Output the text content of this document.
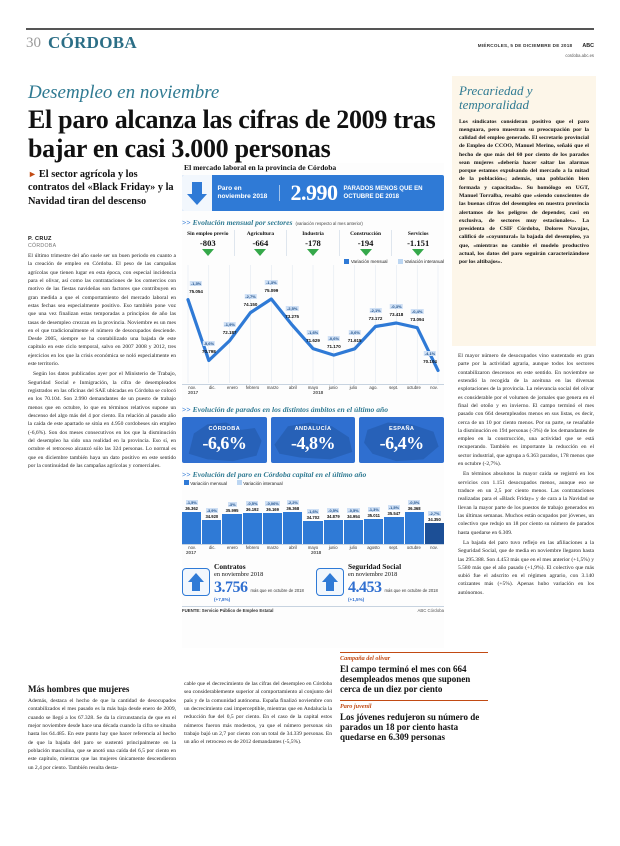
30 CÓRDOBA	MIÉRCOLES, 5 DE DICIEMBRE DE 2018 ABC
cordoba.abc.es
Desempleo en noviembre
El paro alcanza las cifras de 2009 tras bajar en casi 3.000 personas
► El sector agrícola y los contratos del «Black Friday» y la Navidad tiran del descenso
P. CRUZ
CÓRDOBA

El último trimestre del año suele ser un buen periodo en cuanto a la creación de empleo en Córdoba. El peso de las campañas agrícolas que tienen lugar en esta época, con especial incidencia para el olivar, así como las contrataciones de los comercios con motivo de las fiestas navideñas son factores que contribuyen en gran medida a que el comportamiento del mercado laboral en estas fechas sea especialmente positivo. Eso también pone voz que una vez finalizan estas temporadas a principios de año las tasas de desempleo crezcan en la provincia. Noviembre es un mes en el que tradicionalmente el número de desocupados desciende. Desde 2005, siempre se ha contabilizado una bajada de este capítulo en este ciclo temporal, salvo en 2007 2008 y 2012, tres ejercicios en los que la crisis económica se noló especialmente en este territorio.

Según los datos publicados ayer por el Ministerio de Trabajo, Seguridad Social e Inmigración, la cifra de desempleados registrados en las oficinas del SAE ubicadas en Córdoba se colocó en los 70.104. Son 2.990 demandantes de un puesto de trabajo menos que en octubre, lo que en términos relativos supone un descenso del algo más del 4 por ciento. En relación al pasado año la caída de este apartado se sitúa en 4.950 cordobeses sin empleo (-6,6%). Son dos meses consecutivos en los que la disminución del desempleo ha sido una realidad en la provincia. Eso sí, en octubre el retroceso alcanzó sólo las 324 personas. Lo normal es que en diciembre también haya un dato positivo en este sentido por la continuidad de las campañas agrícolas y comerciales.

Más hombres que mujeres

Además, destaca el hecho de que la cantidad de desocupados contabilizados el mes pasado es la más baja desde enero de 2009, cuando se llegó a los 67.328. Se da la circunstancia de que en el mejor noviembre desde hace una década cuando la cifra se situaba hasta los 64.485. En este punto hay que hacer referencia al hecho de que la bajada del paro se sustentó principalmente en la población masculina, que se anotó una caída del 6,5 por ciento en este capítulo, mientras que las mujeres únicamente descendieron un 2,4 por ciento. También resulta desta-

cable que el decrecimiento de las cifras del desempleo en Córdoba sea considerablemente superior al comportamiento al conjunto del país y de la comunidad autónoma. España finalizó noviembre con un decrecimiento casi imperceptible, mientras que en Andalucía la reducción fue del 0,5 por ciento. En el caso de la capital estos números fueron más modestos, ya que el número personas sin trabajo bajó un 2,7 por ciento con un total de 34.339 personas. En un año el retroceso es de 2012 demandantes (-5,5%).

El mayor número de desocupados vino sustentado en gran parte por la actividad agraria, aunque todos los sectores contabilizaron descensos en este sentido. En noviembre se extendió la recogida de la aceituna en las diversas explotaciones de la provincia. La relevancia social del olivar es considerable por el volumen de jornales que genera en el final del otoño y en invierno. El campo terminó el mes pasado con 664 desempleados menos en sus listas, es decir, cerca de un 10 por ciento menos. Por su parte, se resañable la disminución en 194 personas (-3%) de los demandantes de empleo en la construcción, una actividad que se está recuperando. También es importante la reducción en el sector industrial, que agrupa a 6.363 parados, 178 menos que en octubre (-2,7%).

En términos absolutos la mayor caída se registró en los servicios con 1.151 desocupados menos, aunque eso se traduce en un 2,5 por ciento menos. Las contrataciones realizadas para el «Black Friday» y de cara a la Navidad se llevan la mayor parte de los puestos de trabajo generados en las últimas semanas. Muchos están ocupados por jóvenes, un colectivo que redujo un 18 por ciento su número de parados hasta quedarse en 6.309.

La bajada del paro tuvo reflejo en las afiliaciones a la Seguridad Social, que de media en noviembre llegaron hasta las 295.388. Son 4.453 más que en el mes anterior (+1,5%) y 5.580 más que el año pasado (+1,9%). El colectivo que más subió fue el adscrito en el régimen agrario, con 3.140 cotizantes más (+5%). Apenas hubo variación en los autónomos.

Precariedad y temporalidad
Los sindicatos consideran positivo que el paro menguara, pero muestran su preocupación por la calidad del empleo generado. El secretario provincial de Empleo de CCOO, Manuel Merino, señaló que el hecho de que más del 60 por ciento de los parados sean mujeres «debería hacer saltar las alarmas porque estamos expulsando del mercado a la mitad de la población»; además, una población bien formada y capacitada». Su homólogo en UGT, Manuel Torralba, resaltó que «siendo conscientes de las buenas cifras del desempleo en nuestra provincia alertamos de los peligros de depender, casi en exclusiva, de sectores muy estacionales». La presidenta de CSIF Córdoba, Dolores Navajas, calificó de «coyuntural» la bajada del desempleo, ya que, «mientras no cambie el modelo productivo actual, los datos del paro seguirán caracterizándose por los altibajos».
Campaña del olivar
El campo terminó el mes con 664 desempleados menos que suponen cerca de un diez por ciento
Paro juvenil
Los jóvenes redujeron su número de parados un 18 por ciento hasta quedarse en 6.309 personas
El mercado laboral en la provincia de Córdoba
Paro en noviembre 2018	2.990 PARADOS MENOS QUE EN OCTUBRE DE 2018
>> Evolución mensual por sectores (variación respecto al mes anterior)
Sin empleo previo
-803
Agricultura
-664
Industria
-178
Construcción
-194
Servicios
-1.151
Variación mensual	Variación interanual
-1,3%
75.054
-5,6%
70.798
-1,9%
72.187
-2,7%
74.150
-1,3%
75.099
-2,5%
73.275
-1,6%
71.629 -0,6%
71.170
-0,6%
71.615
-2,1%
73.172
-0,3%
73.418
-0,4%
73.094
-4,1%
70.104
nov.	dic.	enero	febrero	marzo	abril	mayo	junio	julio	ago.	sept.	octubre	nov.
2017	2018
>> Evolución de parados en los distintos ámbitos en el último año
CÓRDOBA
-6,6%
ANDALUCÍA
-4,8%
ESPAÑA
-6,4%
>> Evolución del paro en Córdoba capital en el último año
Variación mensual	Variación interanual
-1,5%
36.362 -3,9%
34.920
-3%
35.995
-0,5%
36.192
-0,06%
36.169
-2,2%
36.368
-1,6%
34.702
-0,5%
34.879
-0,5%
34.954
-1,3%
35.011
-1,5%
35.547
-0,5%
36.368
-2,7%
34.350
nov.	dic.	enero	febrero	marzo	abril	mayo	junio	julio	agosto	sept.	octubre	nov.
2017	2018
Contratos
en noviembre 2018
3.756 más que en octubre de 2018
(+7,8%)
Seguridad Social
en noviembre 2018
4.453 más que en octubre de 2018
(+1,5%)
FUENTE: Servicio Público de Empleo Estatal	ABC Córdoba
